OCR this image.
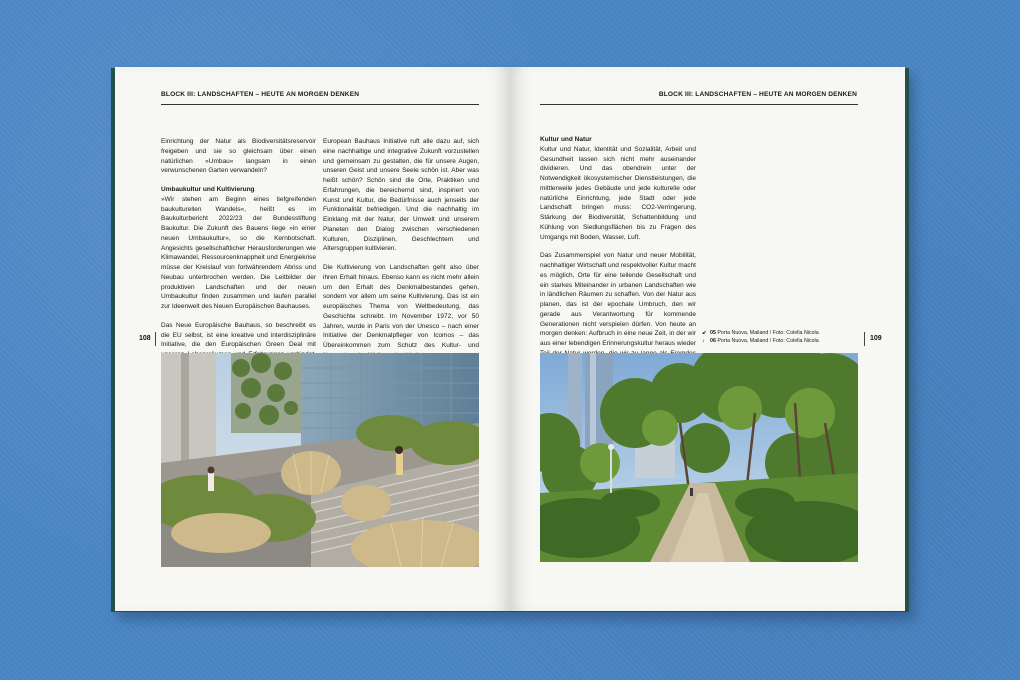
BLOCK III: LANDSCHAFTEN – HEUTE AN MORGEN DENKEN

Einrichtung der Natur als Biodiversitätsreservoir freigeben und sie so gleichsam über einen natürlichen »Umbau« langsam in einen verwunschenen Garten verwandeln?

Umbaukultur und Kultivierung
»Wir stehen am Beginn eines tiefgreifenden baukulturellen Wandels«, heißt es im Baukulturbericht 2022/23 der Bundesstiftung Baukultur. Die Zukunft des Bauens liege »in einer neuen Umbaukultur«, so die Kernbotschaft. Angesichts gesellschaftlicher Herausforderungen wie Klimawandel, Ressourcenknappheit und Energiekrise müsse der Kreislauf von fortwährendem Abriss und Neubau unterbrochen werden. Die Leitbilder der produktiven Landschaften und der neuen Umbaukultur finden zusammen und laufen parallel zur Ideenwelt des Neuen Europäischen Bauhauses.

Das Neue Europäische Bauhaus, so beschreibt es die EU selbst, ist eine kreative und interdisziplinäre Initiative, die den Europäischen Green Deal mit

European Bauhaus Initiative ruft alle dazu auf, sich eine nachhaltige und integrative Zukunft vorzustellen und gemeinsam zu gestalten, die für unsere Augen, unseren Geist und unsere Seele schön ist. Aber was heißt schön? Schön sind die Orte, Praktiken und Erfahrungen, die bereichernd sind, inspiriert von Kunst und Kultur, die Bedürfnisse auch jenseits der Funktionalität befriedigen. Und die nachhaltig im Einklang mit der Natur, der Umwelt und unserem Planeten den Dialog zwischen verschiedenen Kulturen, Disziplinen, Geschlechtern und Altersgruppen kultivieren.

Die Kultivierung von Landschaften geht also über ihren Erhalt hinaus. Ebenso kann es nicht mehr allein um den Erhalt des Denkmalbestandes gehen, sondern vor allem um seine Kultivierung. Das ist ein europäisches Thema von Weltbedeutung, das Geschichte schreibt. Im November 1972, vor 50 Jahren, wurde in Paris von der Unesco – nach einer Initiative der Denkmalpfleger von Icomos – das Übereinkommen zum Schutz des Kultur- und

108
BLOCK III: LANDSCHAFTEN – HEUTE AN MORGEN DENKEN

Kultur und Natur
Kultur und Natur, Identität und Sozialität, Arbeit und Gesundheit lassen sich nicht mehr auseinander dividieren. Und das obendrein unter der Notwendigkeit ökosystemischer Dienstleistungen, die mittlerweile jedes Gebäude und jede kulturelle oder natürliche Einrichtung, jede Stadt oder jede Landschaft bringen muss: CO2-Verringerung, Stärkung der Biodiversität, Schattenbildung und Kühlung von Siedlungsflächen bis zu Fragen des Umgangs mit Boden, Wasser, Luft.

Das Zusammenspiel von Natur und neuer Mobilität, nachhaltiger Wirtschaft und respektvoller Kultur macht es möglich, Orte für eine teilende Gesellschaft und ein starkes Miteinander in urbanen Landschaften wie in ländlichen Räumen zu schaffen. Von der Natur aus planen, das ist der epochale Umbruch, den wir gerade aus Verantwortung für kommende Generationen nicht verspielen dürfen. Von heute an morgen denken: Aufbruch in eine neue Zeit, in der wir aus einer lebendigen Erinnerungskultur heraus wieder

↙ 05 Porta Nuova, Mailand / Foto: Colella Nicola
↓ 06 Porta Nuova, Mailand / Foto: Colella Nicola	109
